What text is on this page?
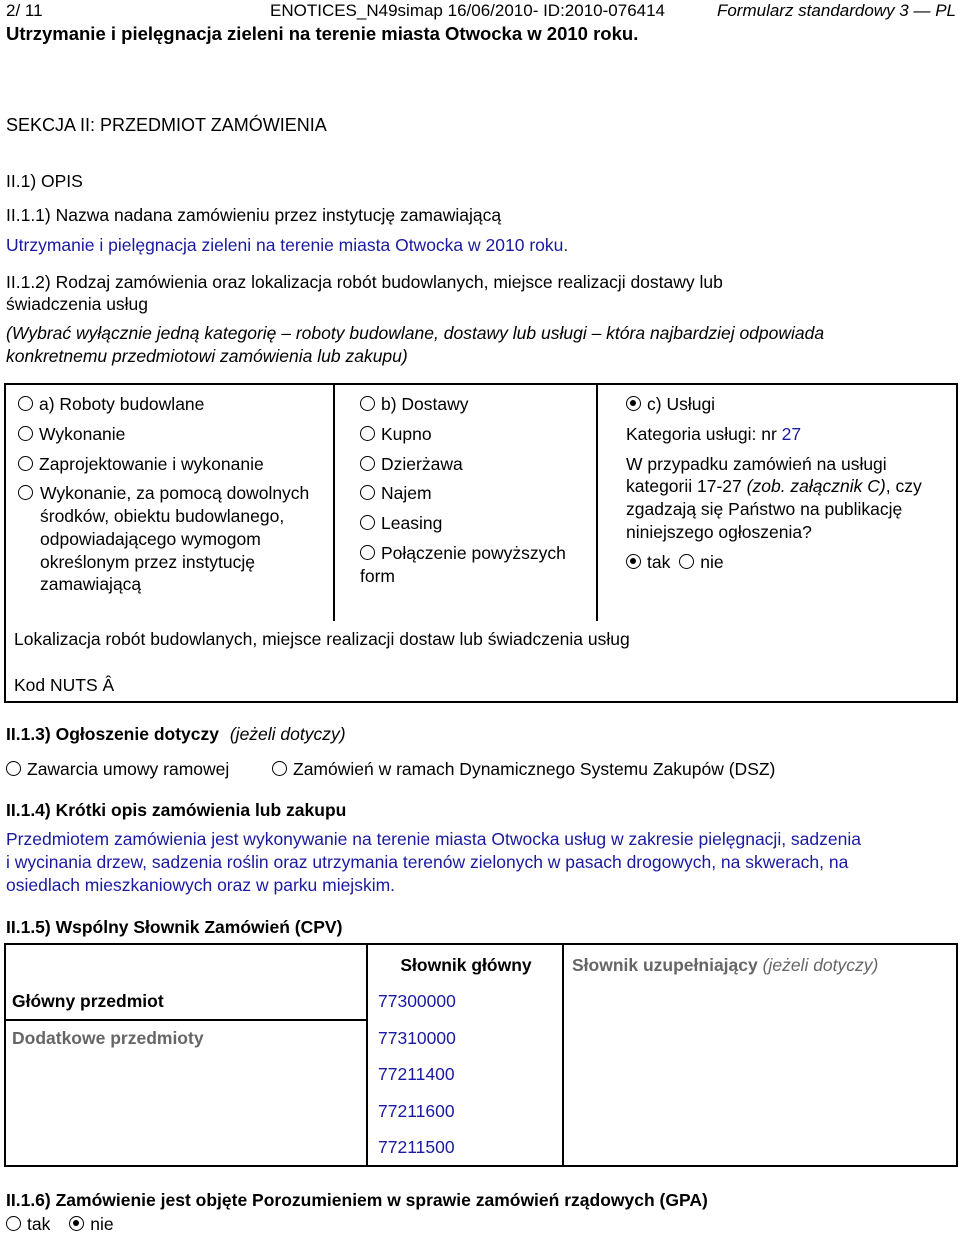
2/ 11	ENOTICES_N49simap 16/06/2010- ID:2010-076414	Formularz standardowy 3 — PL
Utrzymanie i pielęgnacja zieleni na terenie miasta Otwocka w 2010 roku.
SEKCJA II: PRZEDMIOT ZAMÓWIENIA
II.1) OPIS
II.1.1) Nazwa nadana zamówieniu przez instytucję zamawiającą
Utrzymanie i pielęgnacja zieleni na terenie miasta Otwocka w 2010 roku.
II.1.2) Rodzaj zamówienia oraz lokalizacja robót budowlanych, miejsce realizacji dostawy lub
świadczenia usług
(Wybrać wyłącznie jedną kategorię – roboty budowlane, dostawy lub usługi – która najbardziej odpowiada
konkretnemu przedmiotowi zamówienia lub zakupu)
a) Roboty budowlane
Wykonanie
Zaprojektowanie i wykonanie
Wykonanie, za pomocą dowolnych środków, obiektu budowlanego, odpowiadającego wymogom określonym przez instytucję zamawiającą
b) Dostawy
Kupno
Dzierżawa
Najem
Leasing
Połączenie powyższych form
c) Usługi
Kategoria usługi: nr 27
W przypadku zamówień na usługi kategorii 17-27 (zob. załącznik C), czy zgadzają się Państwo na publikację niniejszego ogłoszenia?
tak nie
Lokalizacja robót budowlanych, miejsce realizacji dostaw lub świadczenia usług
Kod NUTS Â
II.1.3) Ogłoszenie dotyczy (jeżeli dotyczy)
Zawarcia umowy ramowej	Zamówień w ramach Dynamicznego Systemu Zakupów (DSZ)
II.1.4) Krótki opis zamówienia lub zakupu
Przedmiotem zamówienia jest wykonywanie na terenie miasta Otwocka usług w zakresie pielęgnacji, sadzenia
i wycinania drzew, sadzenia roślin oraz utrzymania terenów zielonych w pasach drogowych, na skwerach, na
osiedlach mieszkaniowych oraz w parku miejskim.
II.1.5) Wspólny Słownik Zamówień (CPV)
Słownik główny	Słownik uzupełniający (jeżeli dotyczy)
Główny przedmiot	77300000
Dodatkowe przedmioty	77310000
77211400
77211600
77211500
II.1.6) Zamówienie jest objęte Porozumieniem w sprawie zamówień rządowych (GPA)
tak nie
